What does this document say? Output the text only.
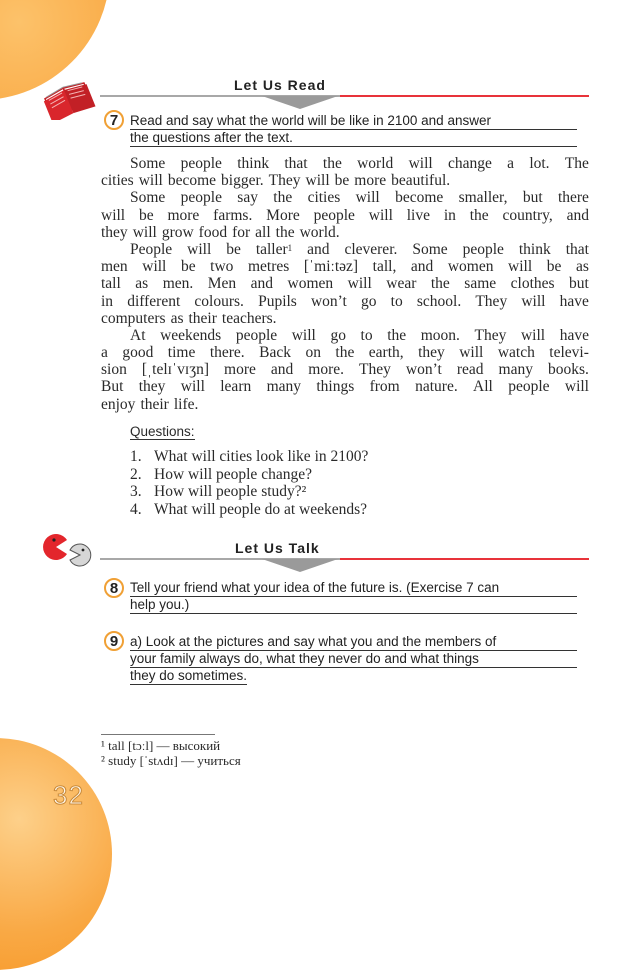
32
Let Us Read
7 Read and say what the world will be like in 2100 and answer
the questions after the text.
Some people think that the world will change a lot. The
cities will become bigger. They will be more beautiful.
Some people say the cities will become smaller, but there
will be more farms. More people will live in the country, and
they will grow food for all the world.
People will be taller$^1$ and cleverer. Some people think that
men will be two metres [ˈmiːtəz] tall, and women will be as
tall as men. Men and women will wear the same clothes but
in different colours. Pupils won’t go to school. They will have
computers as their teachers.
At weekends people will go to the moon. They will have
a good time there. Back on the earth, they will watch televi-
sion [ˌtelɪˈvɪʒn] more and more. They won’t read many books.
But they will learn many things from nature. All people will
enjoy their life.
Questions:
1. What will cities look like in 2100?
2. How will people change?
3. How will people study?²
4. What will people do at weekends?
Let Us Talk
8 Tell your friend what your idea of the future is. (Exercise 7 can
help you.)
9 a) Look at the pictures and say what you and the members of
your family always do, what they never do and what things
they do sometimes.
¹ tall [tɔːl] — высокий
² study [ˈstʌdɪ] — учиться
